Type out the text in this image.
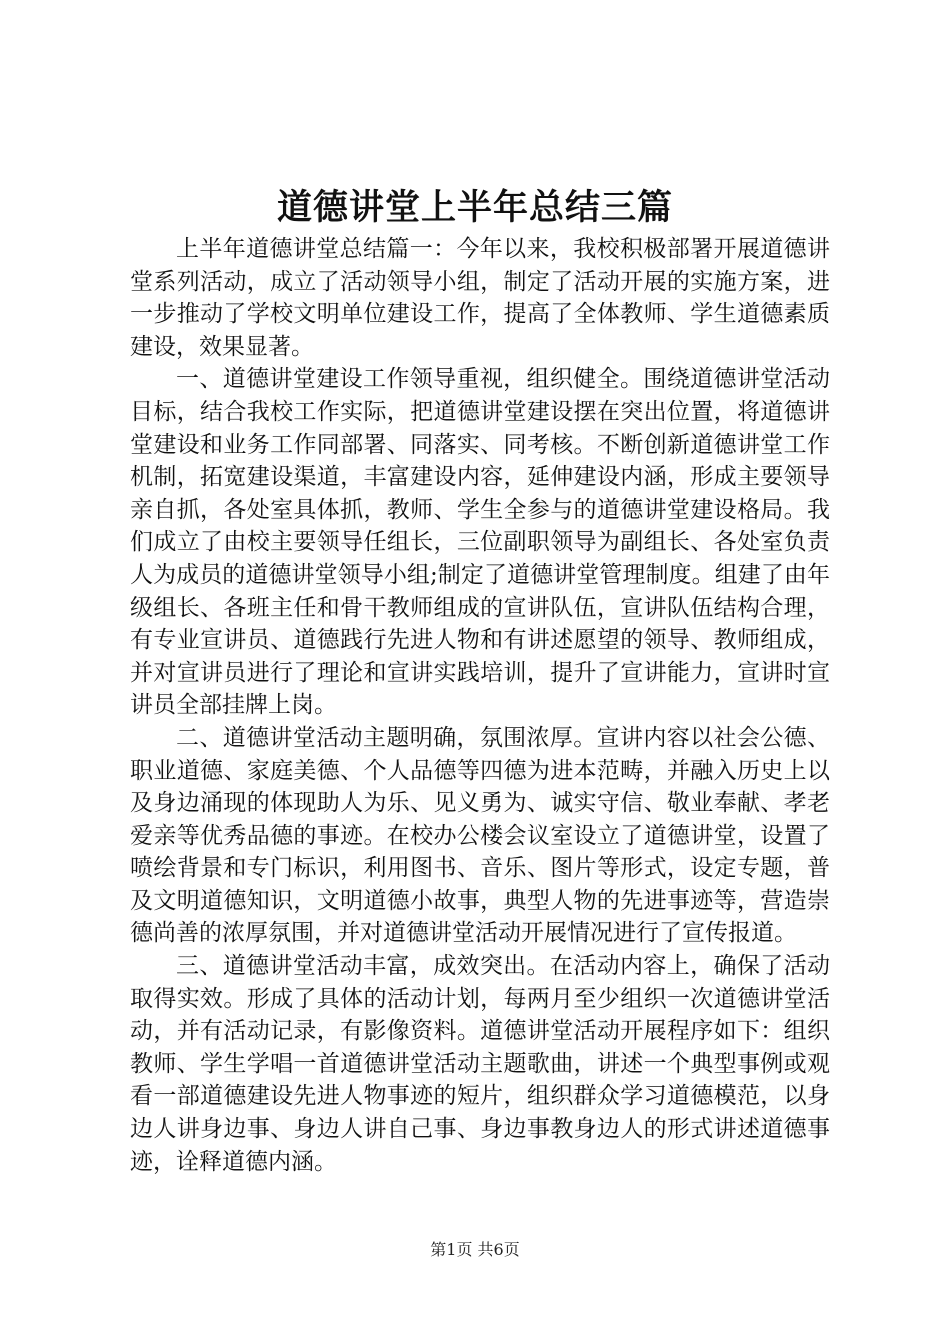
道德讲堂上半年总结三篇

上半年道德讲堂总结篇一：今年以来，我校积极部署开展道德讲堂系列活动，成立了活动领导小组，制定了活动开展的实施方案，进一步推动了学校文明单位建设工作，提高了全体教师、学生道德素质建设，效果显著。

一、道德讲堂建设工作领导重视，组织健全。围绕道德讲堂活动目标，结合我校工作实际，把道德讲堂建设摆在突出位置，将道德讲堂建设和业务工作同部署、同落实、同考核。不断创新道德讲堂工作机制，拓宽建设渠道，丰富建设内容，延伸建设内涵，形成主要领导亲自抓，各处室具体抓，教师、学生全参与的道德讲堂建设格局。我们成立了由校主要领导任组长，三位副职领导为副组长、各处室负责人为成员的道德讲堂领导小组;制定了道德讲堂管理制度。组建了由年级组长、各班主任和骨干教师组成的宣讲队伍，宣讲队伍结构合理，有专业宣讲员、道德践行先进人物和有讲述愿望的领导、教师组成，并对宣讲员进行了理论和宣讲实践培训，提升了宣讲能力，宣讲时宣讲员全部挂牌上岗。

二、道德讲堂活动主题明确，氛围浓厚。宣讲内容以社会公德、职业道德、家庭美德、个人品德等四德为进本范畴，并融入历史上以及身边涌现的体现助人为乐、见义勇为、诚实守信、敬业奉献、孝老爱亲等优秀品德的事迹。在校办公楼会议室设立了道德讲堂，设置了喷绘背景和专门标识，利用图书、音乐、图片等形式，设定专题，普及文明道德知识，文明道德小故事，典型人物的先进事迹等，营造崇德尚善的浓厚氛围，并对道德讲堂活动开展情况进行了宣传报道。

三、道德讲堂活动丰富，成效突出。在活动内容上，确保了活动取得实效。形成了具体的活动计划，每两月至少组织一次道德讲堂活动，并有活动记录，有影像资料。道德讲堂活动开展程序如下：组织教师、学生学唱一首道德讲堂活动主题歌曲，讲述一个典型事例或观看一部道德建设先进人物事迹的短片，组织群众学习道德模范，以身边人讲身边事、身边人讲自己事、身边事教身边人的形式讲述道德事迹，诠释道德内涵。

第1页 共6页
